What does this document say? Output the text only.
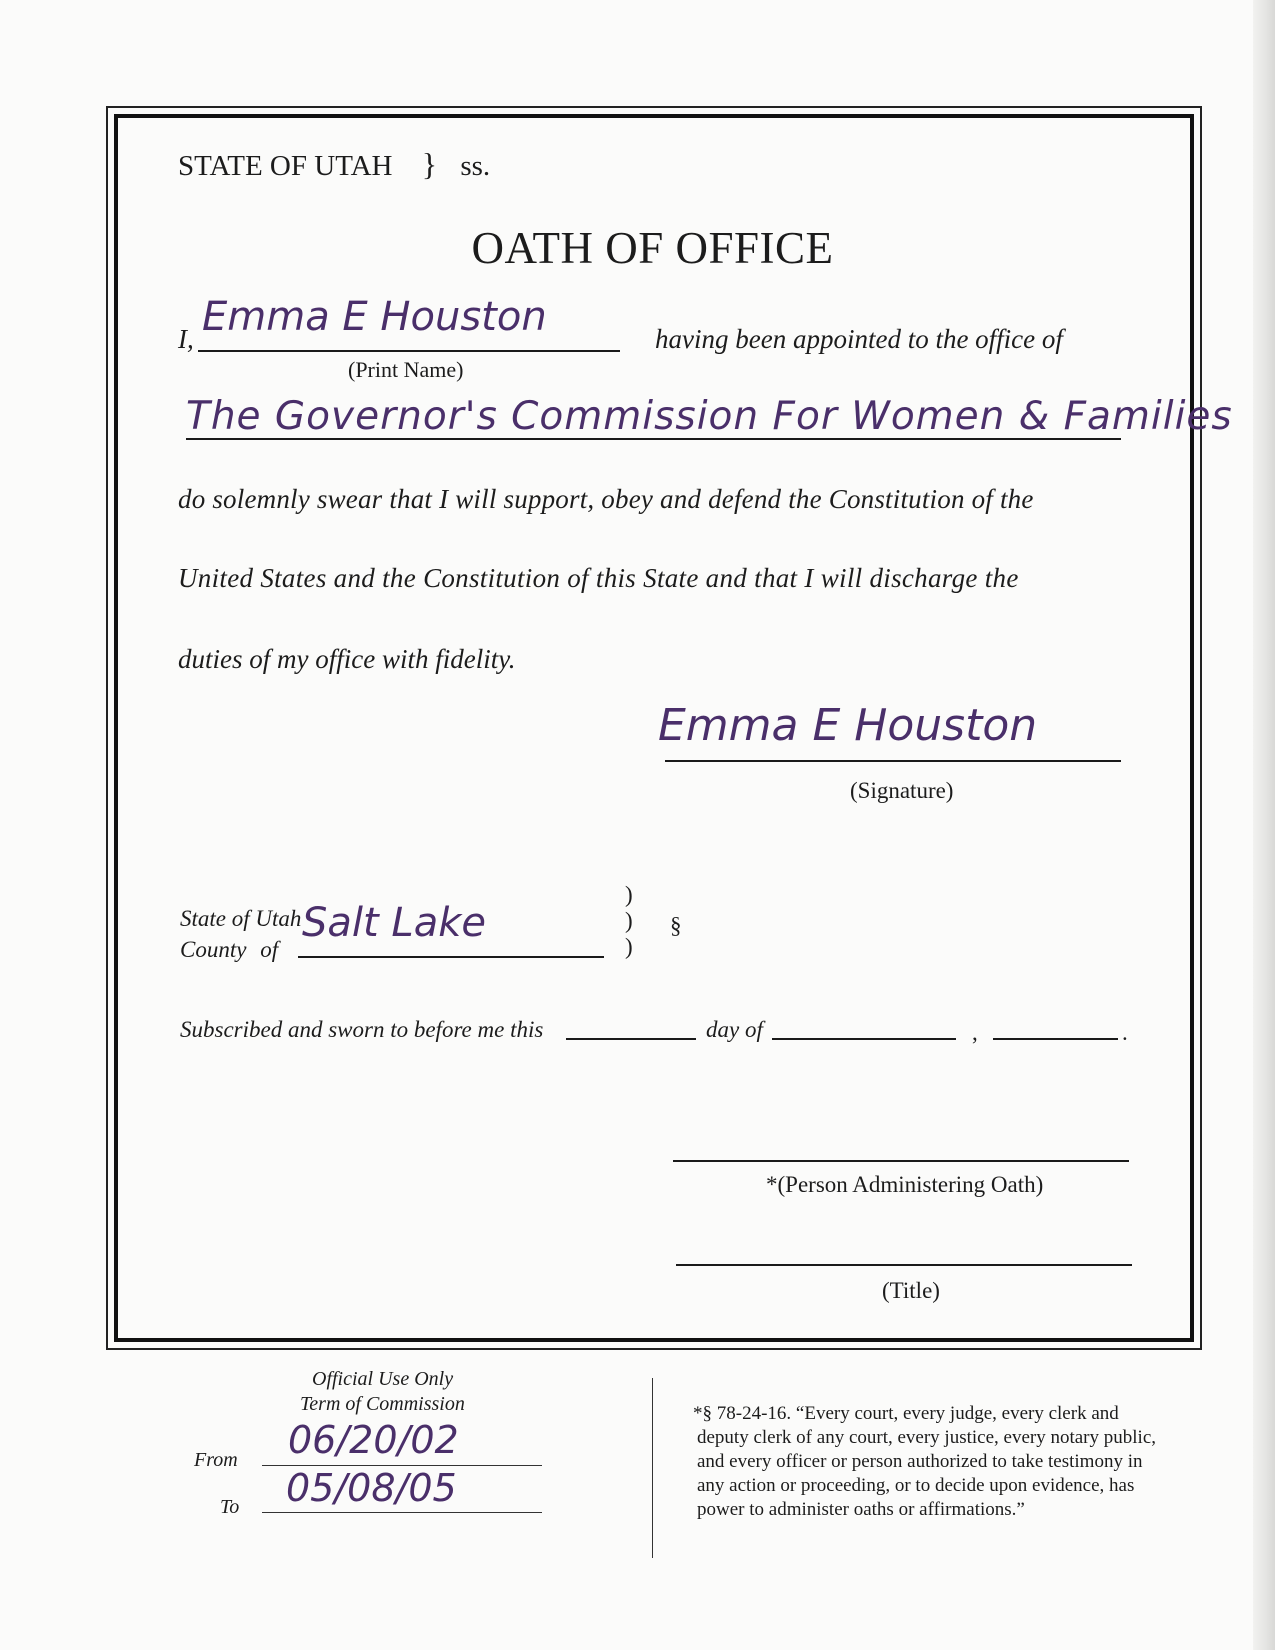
STATE OF UTAH } ss.
OATH OF OFFICE
I, Emma E Houston
(Print Name)
having been appointed to the office of
The Governor's Commission For Women & Families
do solemnly swear that I will support, obey and defend the Constitution of the
United States and the Constitution of this State and that I will discharge the
duties of my office with fidelity.
Emma E Houston
(Signature)
State of Utah
County of
Salt Lake
)
)
)
§
Subscribed and sworn to before me this	day of	,	.
*(Person Administering Oath)
(Title)
Official Use Only
Term of Commission
From 06/20/02
To 05/08/05
*§ 78-24-16. “Every court, every judge, every clerk and
deputy clerk of any court, every justice, every notary public,
and every officer or person authorized to take testimony in
any action or proceeding, or to decide upon evidence, has
power to administer oaths or affirmations.”
